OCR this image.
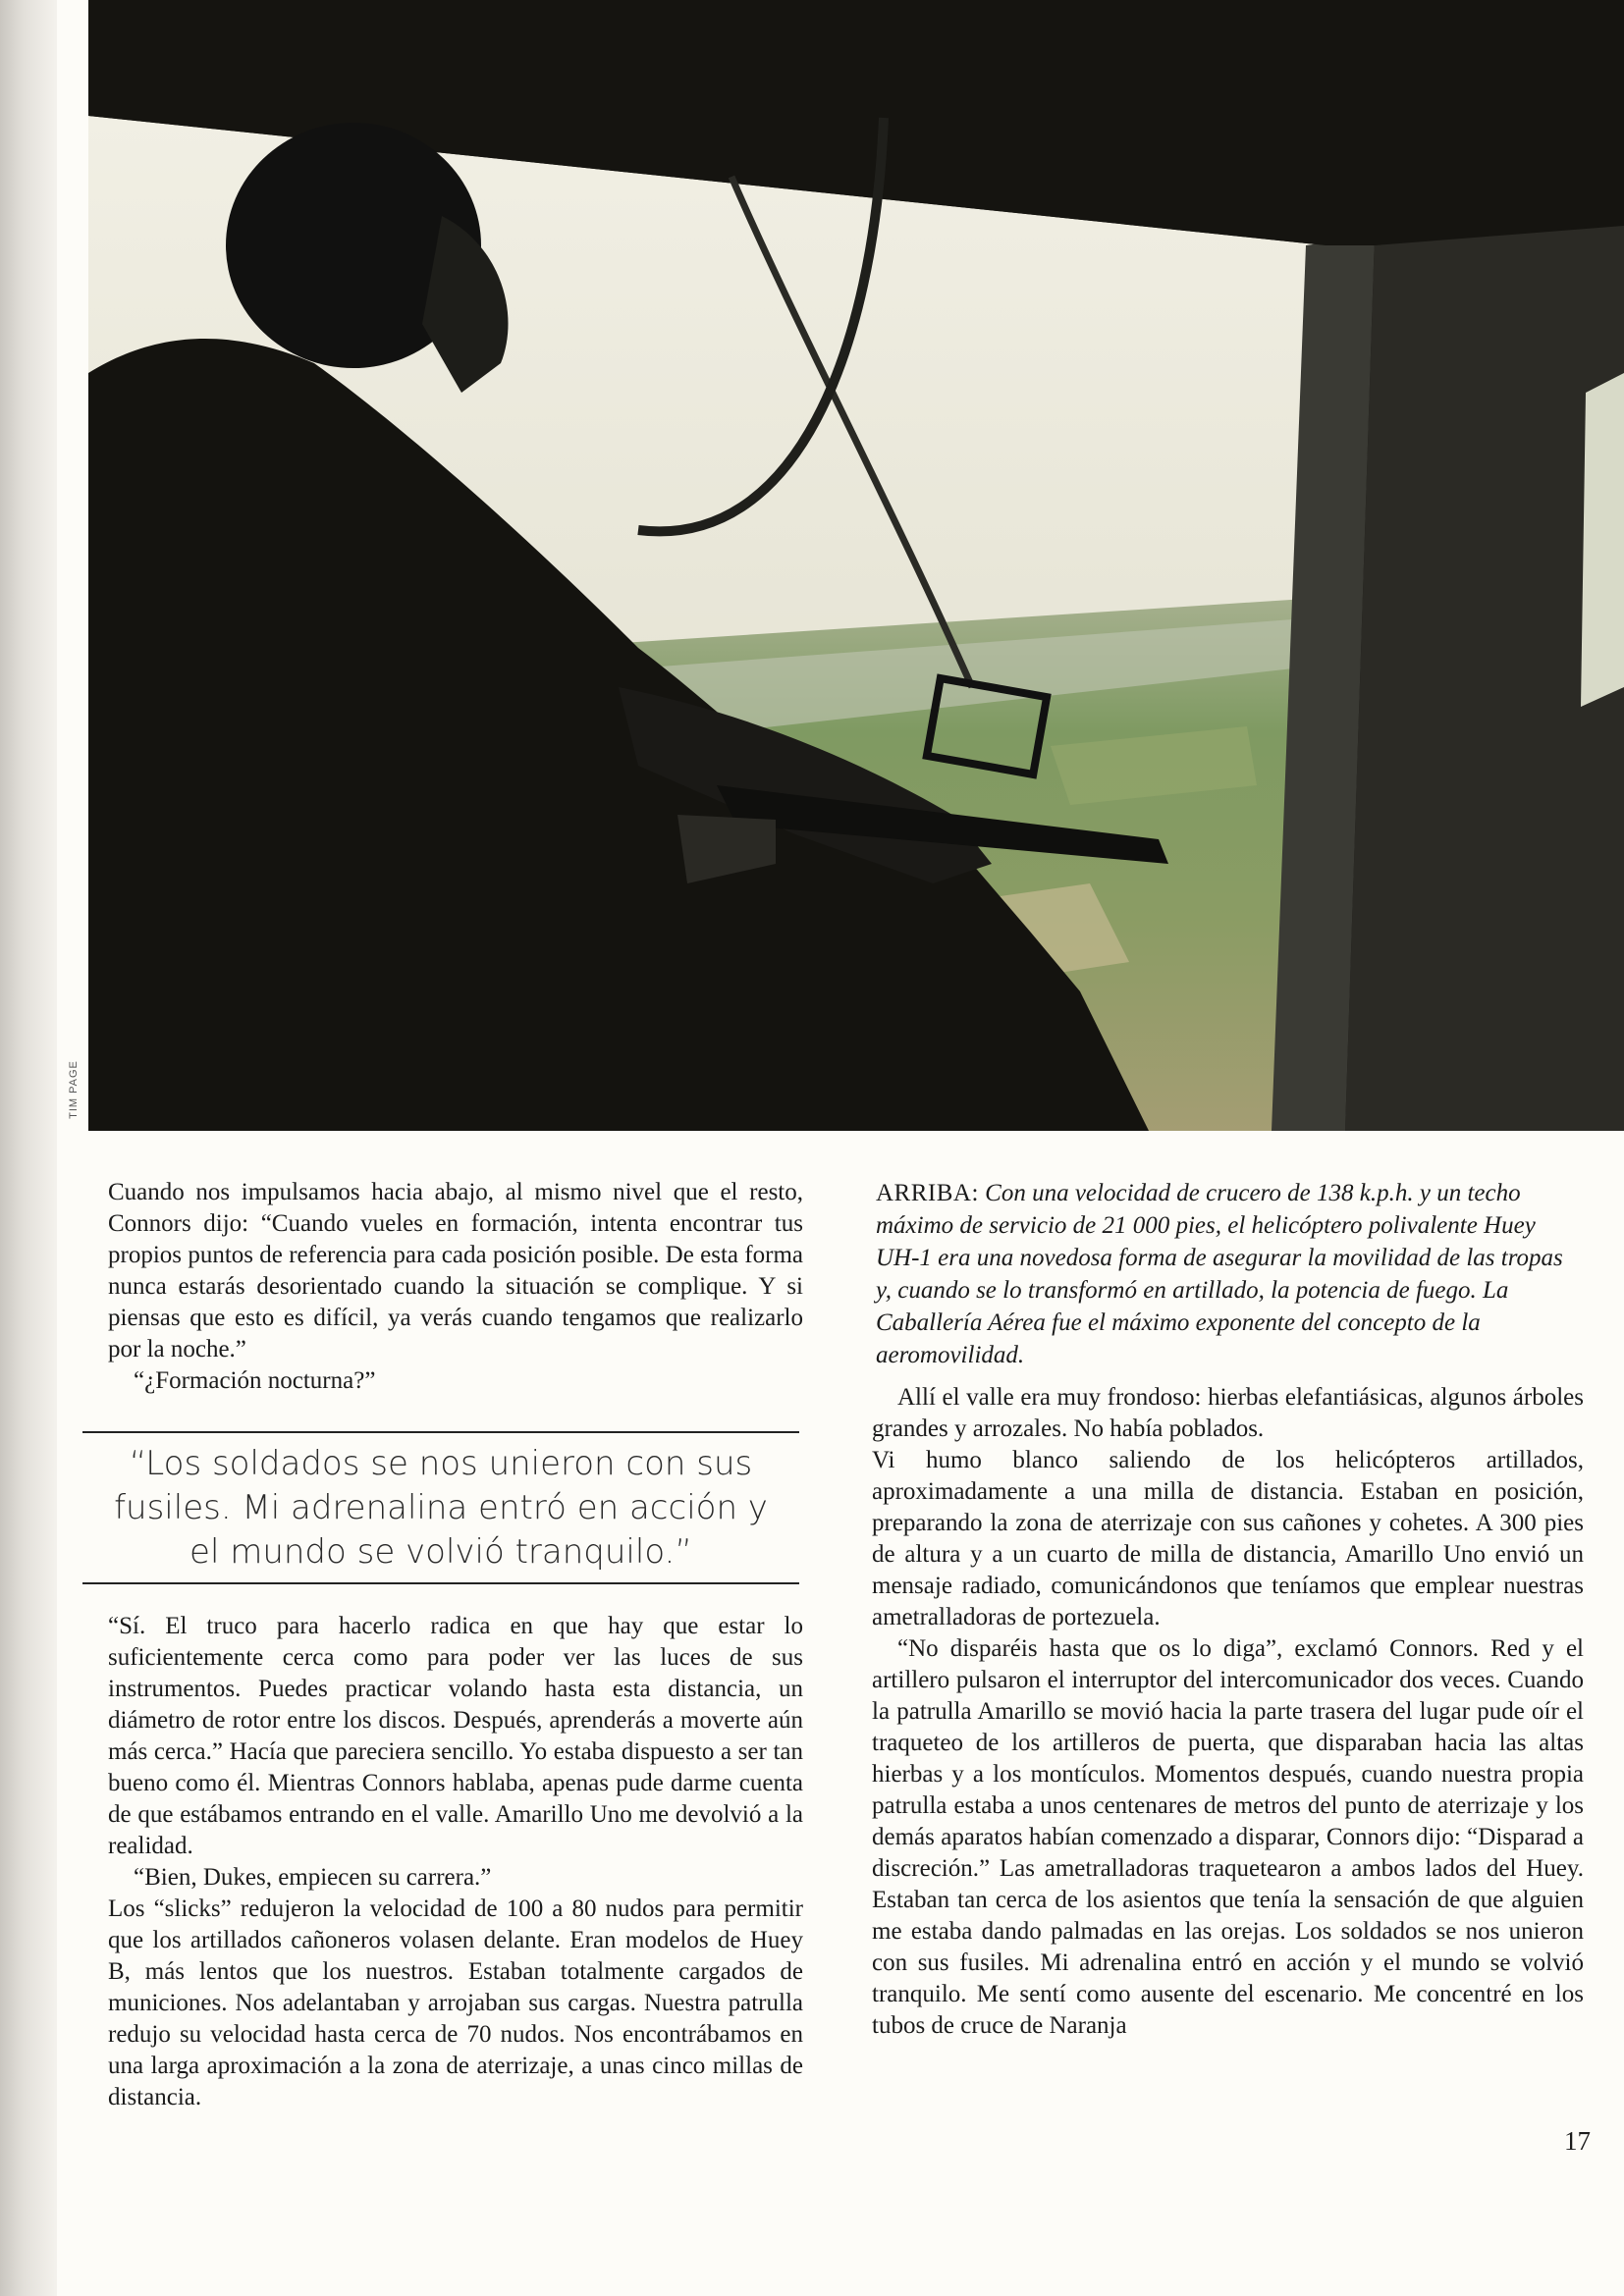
TIM PAGE

Cuando nos impulsamos hacia abajo, al mismo nivel que el resto, Connors dijo: “Cuando vueles en formación, intenta encontrar tus propios puntos de referencia para cada posición posible. De esta forma nunca estarás desorientado cuando la situación se complique. Y si piensas que esto es difícil, ya verás cuando tengamos que realizarlo por la noche.”

“¿Formación nocturna?”

ARRIBA: Con una velocidad de crucero de 138 k.p.h. y un techo máximo de servicio de 21 000 pies, el helicóptero polivalente Huey UH-1 era una novedosa forma de asegurar la movilidad de las tropas y, cuando se lo transformó en artillado, la potencia de fuego. La Caballería Aérea fue el máximo exponente del concepto de la aeromovilidad.
“Los soldados se nos unieron con sus fusiles. Mi adrenalina entró en acción y el mundo se volvió tranquilo.”

“Sí. El truco para hacerlo radica en que hay que estar lo suficientemente cerca como para poder ver las luces de sus instrumentos. Puedes practicar volando hasta esta distancia, un diámetro de rotor entre los discos. Después, aprenderás a moverte aún más cerca.” Hacía que pareciera sencillo. Yo estaba dispuesto a ser tan bueno como él. Mientras Connors hablaba, apenas pude darme cuenta de que estábamos entrando en el valle. Amarillo Uno me devolvió a la realidad.

“Bien, Dukes, empiecen su carrera.”

Los “slicks” redujeron la velocidad de 100 a 80 nudos para permitir que los artillados cañoneros volasen delante. Eran modelos de Huey B, más lentos que los nuestros. Estaban totalmente cargados de municiones. Nos adelantaban y arrojaban sus cargas. Nuestra patrulla redujo su velocidad hasta cerca de 70 nudos. Nos encontrábamos en una larga aproximación a la zona de aterrizaje, a unas cinco millas de distancia.

Allí el valle era muy frondoso: hierbas elefantiásicas, algunos árboles grandes y arrozales. No había poblados.

Vi humo blanco saliendo de los helicópteros artillados, aproximadamente a una milla de distancia. Estaban en posición, preparando la zona de aterrizaje con sus cañones y cohetes. A 300 pies de altura y a un cuarto de milla de distancia, Amarillo Uno envió un mensaje radiado, comunicándonos que teníamos que emplear nuestras ametralladoras de portezuela.

“No disparéis hasta que os lo diga”, exclamó Connors. Red y el artillero pulsaron el interruptor del intercomunicador dos veces. Cuando la patrulla Amarillo se movió hacia la parte trasera del lugar pude oír el traqueteo de los artilleros de puerta, que disparaban hacia las altas hierbas y a los montículos. Momentos después, cuando nuestra propia patrulla estaba a unos centenares de metros del punto de aterrizaje y los demás aparatos habían comenzado a disparar, Connors dijo: “Disparad a discreción.” Las ametralladoras traquetearon a ambos lados del Huey. Estaban tan cerca de los asientos que tenía la sensación de que alguien me estaba dando palmadas en las orejas. Los soldados se nos unieron con sus fusiles. Mi adrenalina entró en acción y el mundo se volvió tranquilo. Me sentí como ausente del escenario. Me concentré en los tubos de cruce de Naranja

17
